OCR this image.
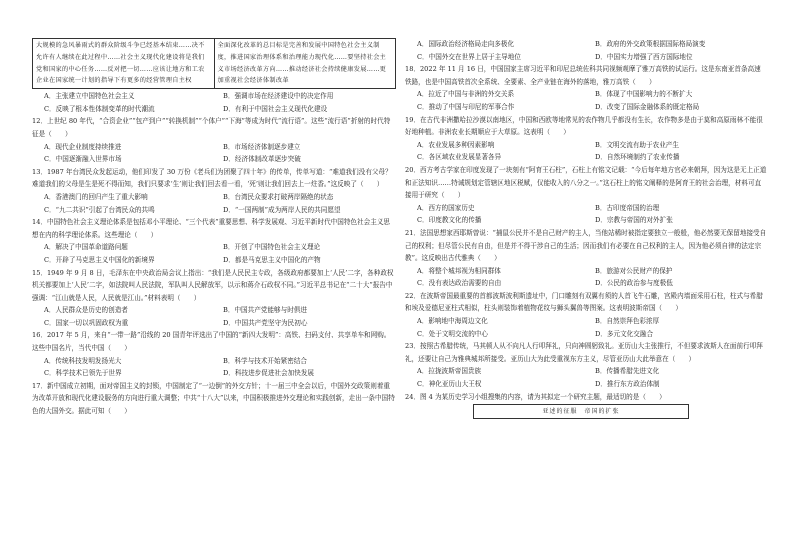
大规模的急风暴雨式的群众阶级斗争已经基本结束……决不允许有人继续在此过程中……社会主义现代化建设将是我们党和国家的中心任务……反对把一切……应该让地方和工农企业在国家统一计划的指导下有更多的经营管理自主权
全面深化改革的总目标是完善和发展中国特色社会主义制度，推进国家治理体系和治理能力现代化……要坚持社会主义市场经济改革方向……推动经济社会持续健康发展……更加重视社会经济体制改革
A．主张建立中国特色社会主义	B．强调市场在经济建设中的决定作用
C．反映了根本性体制变革的时代潮流	D．有利于中国社会主义现代化建设

12．上世纪 80 年代，“合资企业”“包产到户”“转换机制”“个体户”“下海”等成为时代“流行语”。这些“流行语”折射的时代特征是（　　）

A．现代企业制度持续推进	B．市场经济体制逐步建立
C．中国逐渐融入世界市场	D．经济体制改革逐步突破

13．1987 年台湾民众发起运动，他们印发了 30 万份《老兵们为团聚了四十年》的传单，传单写道：“难道我们没有父母？难道我们的父母是生是死不得而知，我们只要求‘生’则让我们回去看一看，‘死’则让我们回去上一炷香。”这反映了（　　）

A．香港澳门的回归产生了重大影响	B．台湾民众要求打破两岸隔绝的状态
C．“九二共识”引起了台湾民众的共鸣	D．“一国两制”成为两岸人民的共同愿望

14．中国特色社会主义理论体系是包括邓小平理论、“三个代表”重要思想、科学发展观、习近平新时代中国特色社会主义思想在内的科学理论体系。这些理论（　　）

A．解决了中国革命道路问题	B．开创了中国特色社会主义理论
C．开辟了马克思主义中国化的新境界	D．都是马克思主义中国化的产物

15．1949 年 9 月 8 日，毛泽东在中央政治局会议上指出：“我们是人民民主专政，各级政府都要加上‘人民’二字，各种政权机关都要加上‘人民’二字，如法院叫人民法院，军队叫人民解放军，以示和蒋介石政权不同。”习近平总书记在“二十大”报告中强调：“江山就是人民，人民就是江山。”材料表明（　　）

A．人民群众是历史的创造者	B．中国共产党能够与时俱进
C．国家一切以巩固政权为重	D．中国共产党坚守为民初心

16．2017 年 5 月，来自“一带一路”沿线的 20 国青年评选出了中国的“新四大发明”：高铁、扫码支付、共享单车和网购。这些中国名片，当代中国（　　）

A．传统科技发明发扬光大	B．科学与技术开始紧密结合
C．科学技术已领先于世界	D．科技进步促进社会加快发展

17．新中国成立初期，面对帝国主义的封锁，中国制定了“一边倒”的外交方针；十一届三中全会以后，中国外交政策则着重为改革开放和现代化建设服务的方向进行重大调整；中共“十八大”以来，中国积极推进外交理论和实践创新，走出一条中国特色的大国外交。据此可知（　　）

A．国际政治经济格局走向多极化	B．政府的外交政策根据国际格局演变
C．中国外交在世界上居于主导地位	D．中国实力增强了西方国际地位

18．2022 年 11 月 16 日，中国国家主席习近平和印尼总统佐科共同视频观摩了雅万高铁的试运行。这是东南亚首条高速铁路，也是中国高铁首次全系统、全要素、全产业链在海外的落地，雅万高铁（　　）

A．拉近了中国与非洲的外交关系	B．体现了中国影响力的不断扩大
C．推动了中国与印尼的军事合作	D．改变了国际金融体系的既定格局

19．在古代非洲撒哈拉沙漠以南地区，中国和西欧等地常见的农作物几乎都没有生长，农作物多是由于莫和高原雨林不能很好地种植。非洲农业长期顺应于大草原。这表明（　　）

A．农业发展多种因素影响	B．文明交流有助于农业产生
C．各区域农业发展显著各异	D．自然环境制约了农业传播

20．西方考古学家在印度发现了一块刻有“阿育王石柱”，石柱上有铭文记载：“今后每年地方官必来朝拜，因为这是无上正道和正法知识……特诫规划定管辖区地区税赋，仅能收入的八分之一。”这石柱上的铭文阐释的是阿育王的社会治理，材料可直接用于研究（　　）

A．西方的国家历史	B．古印度帝国的治理
C．印度教文化的传播	D．宗教与帝国的对外扩张

21．法国思想家西耶斯曾说：“捕鼠公民并不是自己财产的主人，当他站稀时被指定要独立一般般，他必然要无保留地接受自己的权利；但尽管公民有自由，但是并不得干涉自己的生活；因而我们有必要在自己权利的主人，因为他必须自律的法定宗教”。这反映出古代雅典（　　）

A．将整个城邦视为相同群体	B．旅游对公民财产的保护
C．没有表达政治需要的自由	D．公民的政治参与度极低

22．在波斯帝国最重要的首都波斯波利斯遗址中，门口雕刻有双翼有须的人首飞牛石雕，宫殿内墙面采用石柱，柱式与希腊和埃及爱德尼亚柱式相似，柱头则装饰着植物花纹与狮头翼兽等图案。这表明波斯帝国（　　）

A．影响地中海周边文化	B．自然崇拜色彩浓厚
C．处于文明交流的中心	D．多元文化交融合

23．按照古希腊传统，马其顿人从不向凡人行叩拜礼，只向神圆躬致礼。亚历山大主张推行，不但要求波斯人在面前行叩拜礼，还要让自己为雅典城邦所接受。亚历山大为此受重视东方主义，尽管亚历山大此举意在（　　）

A．拉拢波斯帝国贵族	B．传播希腊先进文化
C．神化亚历山大王权	D．推行东方政治体制

24．图 4 为某历史学习小组搜集的内容，请为其拟定一个研究主题，最适切的是（　　）

亚述的征服　帝国的扩张
